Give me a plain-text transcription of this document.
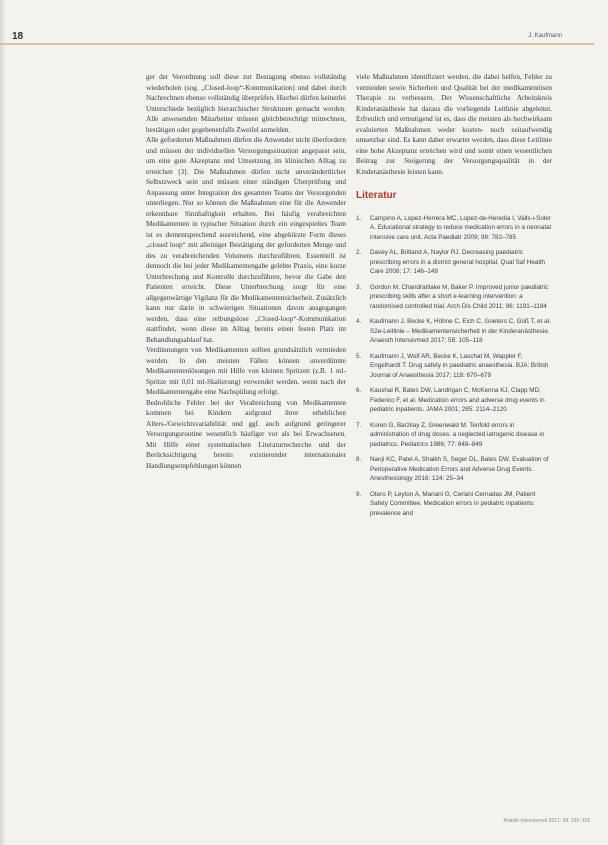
18	J. Kaufmann

ger der Verordnung soll diese zur Bestagung ebenso vollständig wiederholen (sog. „Closed-loop“-Kommunikation) und dabei durch Nachrechnen ebenso vollständig überprüfen. Hierbei dürfen keinerlei Unterschiede bezüglich hierarchischer Strukturen gemacht werden. Alle anwesenden Mitarbeiter müssen gleichberechtigt mitrechnen, bestätigen oder gegebenenfalls Zweifel anmelden.

Alle geforderten Maßnahmen dürfen die Anwender nicht überfordern und müssen der individuellen Versorgungssituation angepasst sein, um eine gute Akzeptanz und Umsetzung im klinischen Alltag zu erreichen [3]. Die Maßnahmen dürfen nicht unverändertlicher Selbstzweck sein und müssen einer ständigen Überprüfung und Anpassung unter Integration des gesamten Teams der Versorgenden unterliegen. Nur so können die Maßnahmen eine für die Anwender erkennbare Sinnhaftigkeit erhalten. Bei häufig verabreichten Medikamenten in typischer Situation durch ein eingespieltes Team ist es dementsprechend ausreichend, eine abgekürzte Form dieses „closed loop“ mit alleiniger Bestätigung der geforderten Menge und des zu verabreichenden Volumens durchzuführen. Essentiell ist dennoch die bei jeder Medikamentengabe gelebte Praxis, eine kurze Unterbrechung und Kontrolle durchzuführen, bevor die Gabe den Patienten erreicht. Diese Unterbrechung sorgt für eine allgegenwärtige Vigilanz für die Medikamentensicherheit. Zusätzlich kann nur darin in schwierigen Situationen davon ausgegangen werden, dass eine reibungslose „Closed-loop“-Kommunikation stattfindet, wenn diese im Alltag bereits einen festen Platz im Behandlungsablauf hat.

Verdünnungen von Medikamenten sollten grundsätzlich vermieden werden. In den meisten Fällen können unverdünnte Medikamentenlösungen mit Hilfe von kleinen Spritzen (z.B. 1 ml-Spritze mit 0,01 ml-Skalierung) verwendet werden, wenn nach der Medikamentengabe eine Nachspülung erfolgt.

Bedrohliche Fehler bei der Verabreichung von Medikamenten kommen bei Kindern aufgrund ihrer erheblichen Alters-/Gewichtsvariabilität und ggf. auch aufgrund geringerer Versorgungsroutine wesentlich häufiger vor als bei Erwachsenen. Mit Hilfe einer systematischen Literaturrecherche und der Berücksichtigung bereits existierender internationaler Handlungsempfehlungen können

viele Maßnahmen identifiziert werden, die dabei helfen, Fehler zu vermeiden sowie Sicherheit und Qualität bei der medikamentösen Therapie zu verbessern. Der Wissenschaftliche Arbeitskreis Kinderanästhesie hat daraus die vorliegende Leitlinie abgeleitet. Erfreulich und ermutigend ist es, dass die meisten als hochwirksam evaluierten Maßnahmen weder kosten- noch zeitaufwendig umsetzbar sind. Es kann daher erwartet werden, dass diese Leitlinie eine hohe Akzeptanz erreichen wird und somit einen wesentlichen Beitrag zur Steigerung der Versorgungsqualität in der Kinderanästhesie leisten kann.

Literatur
1. Campino A, Lopez-Herrera MC, Lopez-de-Heredia I, Valls-i-Soler A. Educational strategy to reduce medication errors in a neonatal intensive care unit. Acta Paediatr 2009; 98: 782–785
2. Davey AL, Britland A, Naylor RJ. Decreasing paediatric prescribing errors in a district general hospital. Qual Saf Health Care 2008; 17: 146–149
3. Gordon M, Chandratilake M, Baker P. Improved junior paediatric prescribing skills after a short e-learning intervention: a randomised controlled trial. Arch Dis Child 2011; 96: 1191–1194
4. Kaufmann J, Becke K, Höhne C, Eich C, Goeters C, Güß T, et al. S2e-Leitlinie – Medikamentensicherheit in der Kinderanästhesie. Anaesth Intensivmed 2017; 58: 105–118
5. Kaufmann J, Wolf AR, Becke K, Laschat M, Wappler F, Engelhardt T. Drug safety in paediatric anaesthesia. BJA: British Journal of Anaesthesia 2017; 118: 670–679
6. Kaushal R, Bates DW, Landrigan C, McKenna KJ, Clapp MD, Federico F, et al. Medication errors and adverse drug events in pediatric inpatients. JAMA 2001; 285: 2114–2120
7. Koren G, Barzilay Z, Greenwald M. Tenfold errors in administration of drug doses: a neglected iatrogenic disease in pediatrics. Pediatrics 1986; 77: 848–849
8. Nanji KC, Patel A, Shaikh S, Seger DL, Bates DW. Evaluation of Perioperative Medication Errors and Adverse Drug Events. Anesthesiology 2016; 124: 25–34
9. Otero P, Leyton A, Mariani G, Ceriani Cernadas JM, Patient Safety Committee. Medication errors in pediatric inpatients: prevalence and
Anästh Intensivmed 2017; 58: 105–118
